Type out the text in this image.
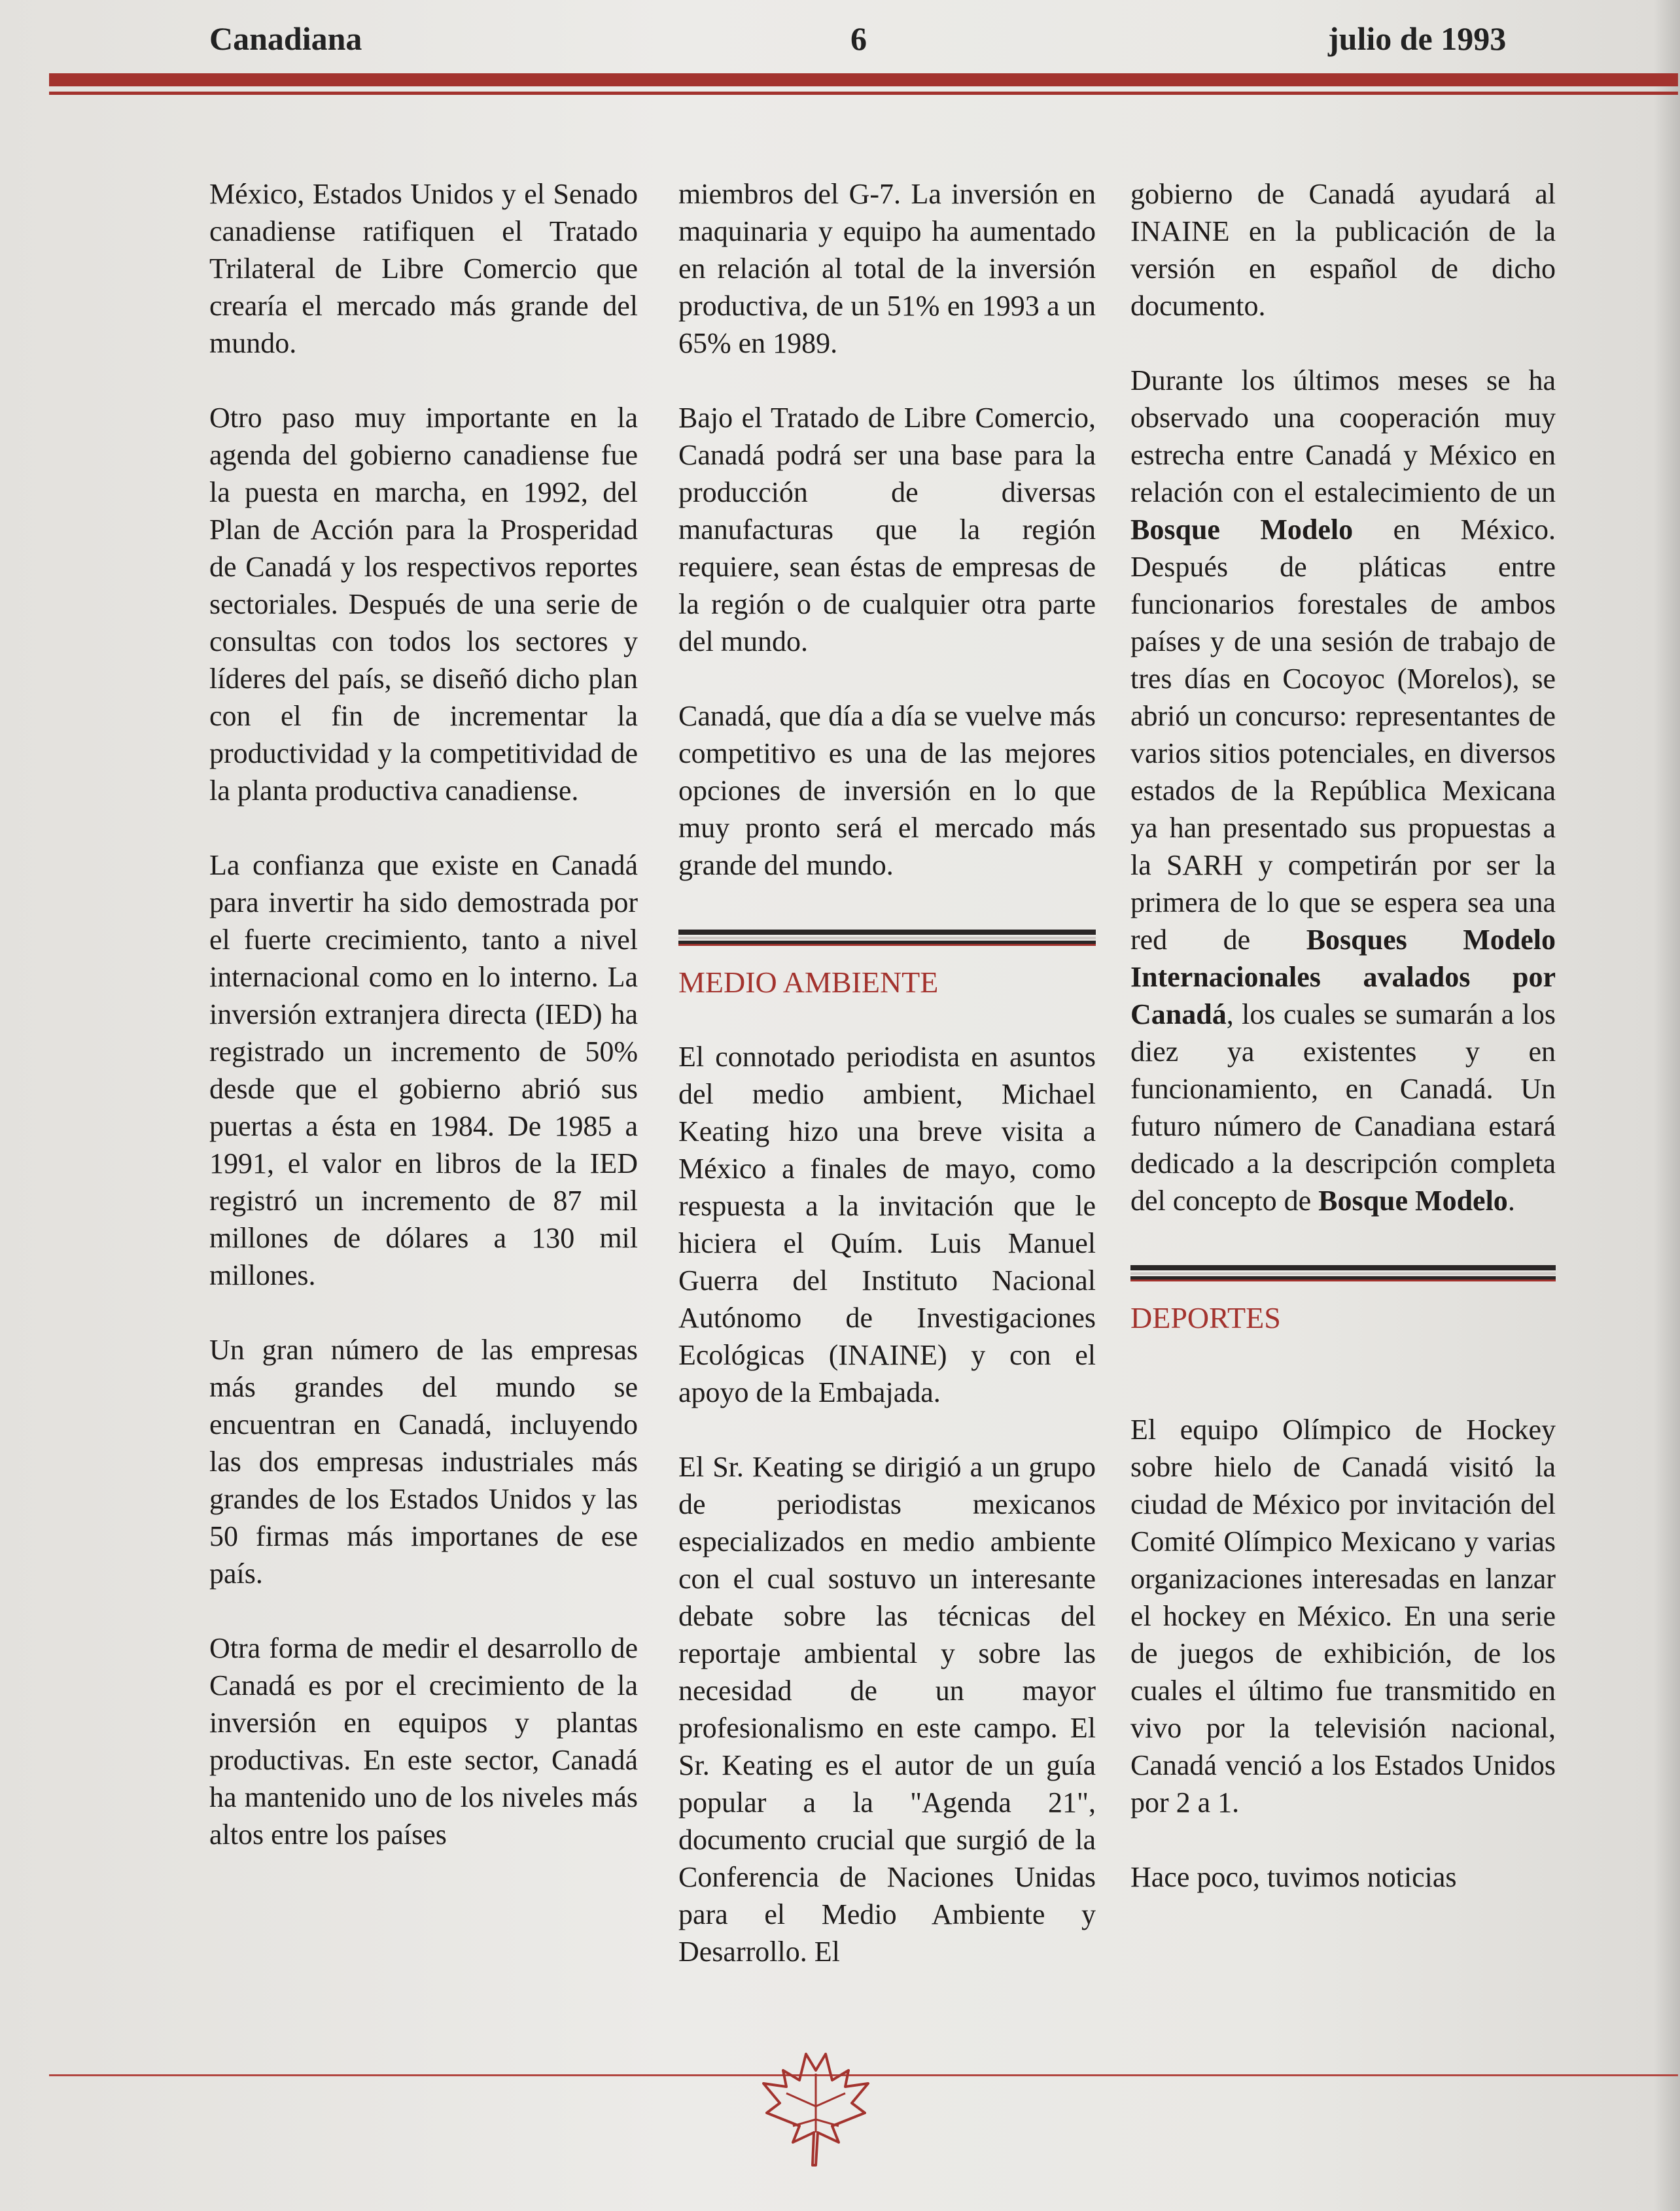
Canadiana	6	julio de 1993

México, Estados Unidos y el Senado canadiense ratifiquen el Tratado Trilateral de Libre Comercio que crearía el mercado más grande del mundo.

Otro paso muy importante en la agenda del gobierno canadiense fue la puesta en marcha, en 1992, del Plan de Acción para la Prosperidad de Canadá y los respectivos reportes sectoriales. Después de una serie de consultas con todos los sectores y líderes del país, se diseñó dicho plan con el fin de incrementar la productividad y la competitividad de la planta productiva canadiense.

La confianza que existe en Canadá para invertir ha sido demostrada por el fuerte crecimiento, tanto a nivel internacional como en lo interno. La inversión extranjera directa (IED) ha registrado un incremento de 50% desde que el gobierno abrió sus puertas a ésta en 1984. De 1985 a 1991, el valor en libros de la IED registró un incremento de 87 mil millones de dólares a 130 mil millones.

Un gran número de las empresas más grandes del mundo se encuentran en Canadá, incluyendo las dos empresas industriales más grandes de los Estados Unidos y las 50 firmas más importanes de ese país.

Otra forma de medir el desarrollo de Canadá es por el crecimiento de la inversión en equipos y plantas productivas. En este sector, Canadá ha mantenido uno de los niveles más altos entre los países

miembros del G-7. La inversión en maquinaria y equipo ha aumentado en relación al total de la inversión productiva, de un 51% en 1993 a un 65% en 1989.

Bajo el Tratado de Libre Comercio, Canadá podrá ser una base para la producción de diversas manufacturas que la región requiere, sean éstas de empresas de la región o de cualquier otra parte del mundo.

Canadá, que día a día se vuelve más competitivo es una de las mejores opciones de inversión en lo que muy pronto será el mercado más grande del mundo.

MEDIO AMBIENTE

El connotado periodista en asuntos del medio ambient, Michael Keating hizo una breve visita a México a finales de mayo, como respuesta a la invitación que le hiciera el Quím. Luis Manuel Guerra del Instituto Nacional Autónomo de Investigaciones Ecológicas (INAINE) y con el apoyo de la Embajada.

El Sr. Keating se dirigió a un grupo de periodistas mexicanos especializados en medio ambiente con el cual sostuvo un interesante debate sobre las técnicas del reportaje ambiental y sobre las necesidad de un mayor profesionalismo en este campo. El Sr. Keating es el autor de un guía popular a la "Agenda 21", documento crucial que surgió de la Conferencia de Naciones Unidas para el Medio Ambiente y Desarrollo. El

gobierno de Canadá ayudará al INAINE en la publicación de la versión en español de dicho documento.

Durante los últimos meses se ha observado una cooperación muy estrecha entre Canadá y México en relación con el estalecimiento de un Bosque Modelo en México. Después de pláticas entre funcionarios forestales de ambos países y de una sesión de trabajo de tres días en Cocoyoc (Morelos), se abrió un concurso: representantes de varios sitios potenciales, en diversos estados de la República Mexicana ya han presentado sus propuestas a la SARH y competirán por ser la primera de lo que se espera sea una red de Bosques Modelo Internacionales avalados por Canadá, los cuales se sumarán a los diez ya existentes y en funcionamiento, en Canadá. Un futuro número de Canadiana estará dedicado a la descripción completa del concepto de Bosque Modelo.

DEPORTES

El equipo Olímpico de Hockey sobre hielo de Canadá visitó la ciudad de México por invitación del Comité Olímpico Mexicano y varias organizaciones interesadas en lanzar el hockey en México. En una serie de juegos de exhibición, de los cuales el último fue transmitido en vivo por la televisión nacional, Canadá venció a los Estados Unidos por 2 a 1.

Hace poco, tuvimos noticias
